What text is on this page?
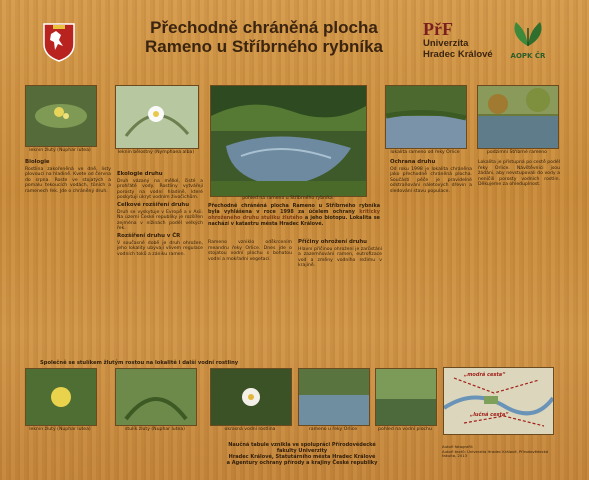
Přechodně chráněná plocha
Rameno u Stříbrného rybníka
PřF
Univerzita
Hradec Králové	AOPK ČR
leknín žlutý (Nuphar lutea)	leknín bělostný (Nymphaea alba)
pohled na rameno u Stříbrného rybníka
lokalita rameno od řeky Orlice	podzimní Stříbrné rameno
Biologie

Rostlina zakořeněná ve dně, listy plovoucí na hladině. Kvete od června do srpna. Roste ve stojatých a pomalu tekoucích vodách, tůních a ramenech řek. Jde o chráněný druh.

Ekologie druhu

Druh vázaný na mělké, čisté a prohřáté vody. Rostliny vytvářejí porosty na vodní hladině, které poskytují úkryt vodním živočichům.

Celkové rozšíření druhu

Druh se vyskytuje v Evropě a v Asii. Na území České republiky je rozšířen zejména v nížinách podél velkých řek.

Rozšíření druhu v ČR

V současné době je druh ohrožen, jeho lokality ubývají vlivem regulace vodních toků a zániku ramen.

Přechodně chráněná plocha Rameno u Stříbrného rybníka byla vyhlášena v roce 1998 za účelem ochrany kriticky ohroženého druhu stulíku žlutého a jeho biotopu. Lokalita se nachází v katastru města Hradec Králové.

Rameno vzniklo odškrcením meandru řeky Orlice. Dnes jde o stojatou vodní plochu s bohatou vodní a mokřadní vegetací.

Příčiny ohrožení druhu

Hlavní příčinou ohrožení je zarůstání a zazemňování ramen, eutrofizace vod a změny vodního režimu v krajině.

Ochrana druhu

Od roku 1998 je lokalita chráněna jako přechodně chráněná plocha. Součástí péče je pravidelné odstraňování náletových dřevin a sledování stavu populace.

Lokalita je přístupná po cestě podél řeky Orlice. Návštěvníci jsou žádáni, aby nevstupovali do vody a neničili porosty vodních rostlin. Děkujeme za ohleduplnost.

Společně se stulíkem žlutým rostou na lokalitě i další vodní rostliny
leknín žlutý (Nuphar lutea)	stulík žlutý (Nuphar lutea)	okrasná vodní rostlina	rameno u řeky Orlice	pohled na vodní plochu
„modrá cesta“
„lučná cesta“
Naučná tabule vznikla ve spolupráci Přírodovědecké fakulty Univerzity
Hradec Králové, Statutárního města Hradec Králové
a Agentury ochrany přírody a krajiny České republiky
Autoři fotografií:
Autoři textů: Univerzita Hradec Králové, Přírodovědecká fakulta, 2013
